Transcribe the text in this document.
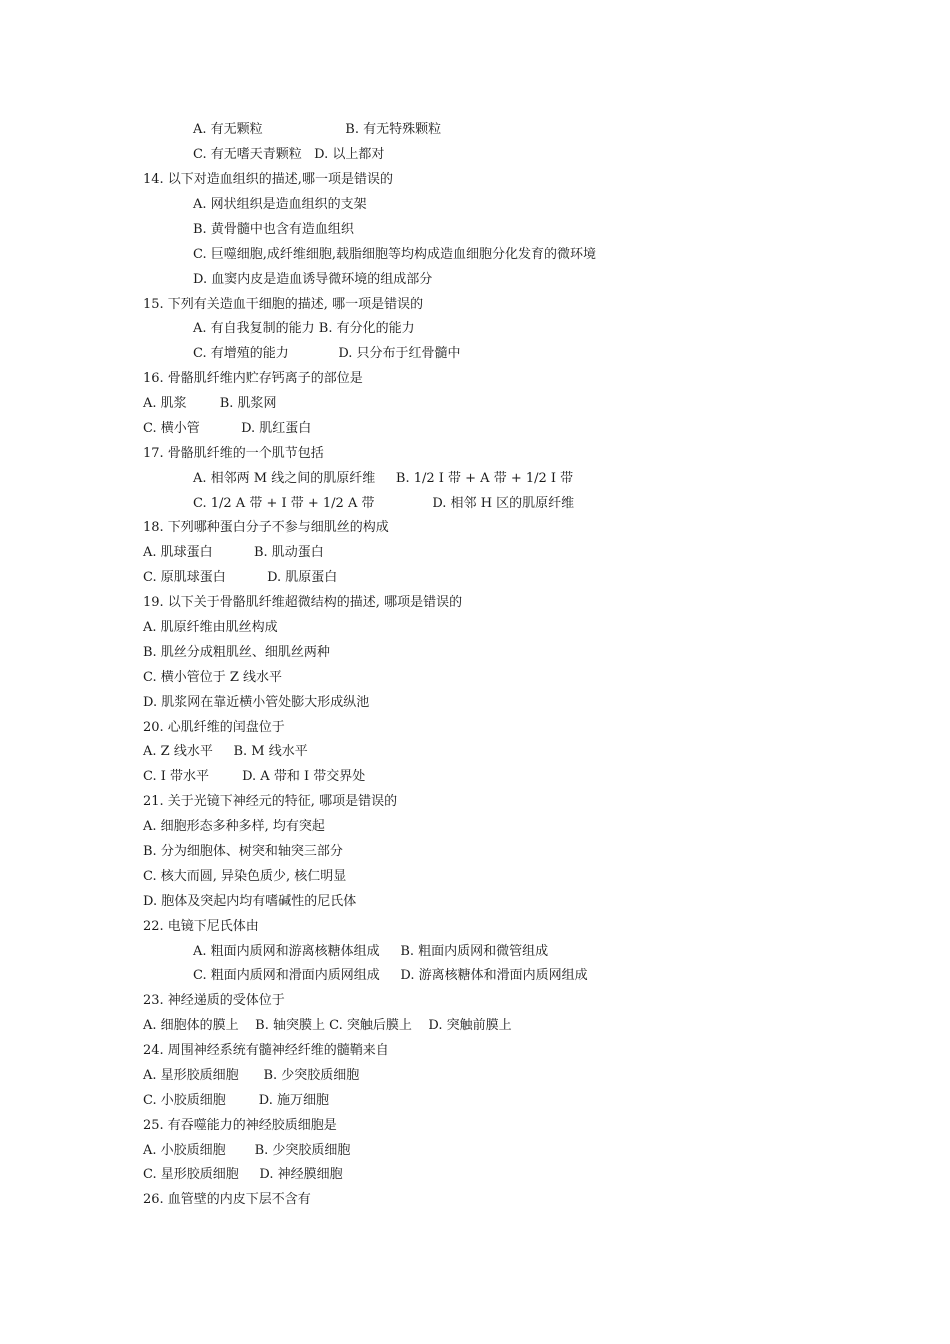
A. 有无颗粒                    B. 有无特殊颗粒
C. 有无嗜天青颗粒   D. 以上都对
14. 以下对造血组织的描述,哪一项是错误的
A. 网状组织是造血组织的支架
B. 黄骨髓中也含有造血组织
C. 巨噬细胞,成纤维细胞,载脂细胞等均构成造血细胞分化发育的微环境
D. 血窦内皮是造血诱导微环境的组成部分
15. 下列有关造血干细胞的描述, 哪一项是错误的
A. 有自我复制的能力 B. 有分化的能力
C. 有增殖的能力            D. 只分布于红骨髓中
16. 骨骼肌纤维内贮存钙离子的部位是
A. 肌浆        B. 肌浆网
C. 横小管          D. 肌红蛋白
17. 骨骼肌纤维的一个肌节包括
A. 相邻两 M 线之间的肌原纤维     B. 1/2 I 带 + A 带 + 1/2 I 带
C. 1/2 A 带 + I 带 + 1/2 A 带              D. 相邻 H 区的肌原纤维
18. 下列哪种蛋白分子不参与细肌丝的构成
A. 肌球蛋白          B. 肌动蛋白
C. 原肌球蛋白          D. 肌原蛋白
19. 以下关于骨骼肌纤维超微结构的描述, 哪项是错误的
A. 肌原纤维由肌丝构成
B. 肌丝分成粗肌丝、细肌丝两种
C. 横小管位于 Z 线水平
D. 肌浆网在靠近横小管处膨大形成纵池
20. 心肌纤维的闰盘位于
A. Z 线水平     B. M 线水平
C. I 带水平        D. A 带和 I 带交界处
21. 关于光镜下神经元的特征, 哪项是错误的
A. 细胞形态多种多样, 均有突起
B. 分为细胞体、树突和轴突三部分
C. 核大而圆, 异染色质少, 核仁明显
D. 胞体及突起内均有嗜碱性的尼氏体
22. 电镜下尼氏体由
A. 粗面内质网和游离核糖体组成     B. 粗面内质网和微管组成
C. 粗面内质网和滑面内质网组成     D. 游离核糖体和滑面内质网组成
23. 神经递质的受体位于
A. 细胞体的膜上    B. 轴突膜上 C. 突触后膜上    D. 突触前膜上
24. 周围神经系统有髓神经纤维的髓鞘来自
A. 星形胶质细胞      B. 少突胶质细胞
C. 小胶质细胞        D. 施万细胞
25. 有吞噬能力的神经胶质细胞是
A. 小胶质细胞       B. 少突胶质细胞
C. 星形胶质细胞     D. 神经膜细胞
26. 血管壁的内皮下层不含有
